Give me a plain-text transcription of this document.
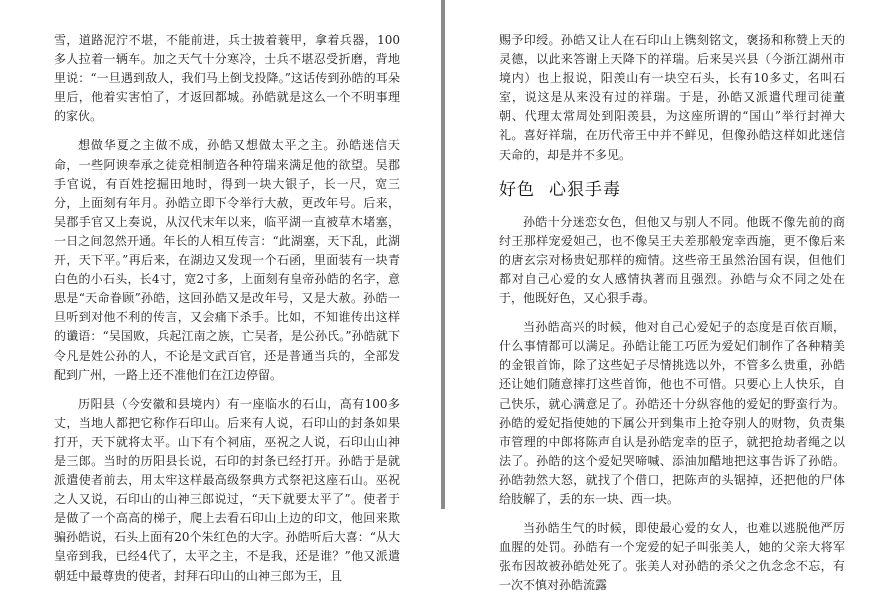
雪，道路泥泞不堪，不能前进，兵士披着蓑甲，拿着兵器，100多人拉着一辆车。加之天气十分寒冷，士兵不堪忍受折磨，背地里说：“一旦遇到敌人，我们马上倒戈投降。”这话传到孙皓的耳朵里后，他着实害怕了，才返回都城。孙皓就是这么一个不明事理的家伙。

想做华夏之主做不成，孙皓又想做太平之主。孙皓迷信天命，一些阿谀奉承之徒竞相制造各种符瑞来满足他的欲望。吴郡手官说，有百姓挖掘田地时，得到一块大银子，长一尺，宽三分，上面刻有年月。孙皓立即下令举行大赦，更改年号。后来，吴郡手官又上奏说，从汉代末年以来，临平湖一直被草木堵塞，一日之间忽然开通。年长的人相互传言：“此湖塞，天下乱，此湖开，天下平。”再后来，在湖边又发现一个石函，里面装有一块青白色的小石头，长4寸，宽2寸多，上面刻有皇帝孙皓的名字，意思是“天命眷顾”孙皓，这回孙皓又是改年号，又是大赦。孙皓一旦听到对他不利的传言，又会痛下杀手。比如，不知谁传出这样的谶语：“吴国败，兵起江南之族，亡吴者，是公孙氏。”孙皓就下令凡是姓公孙的人，不论是文武百官，还是普通当兵的，全部发配到广州，一路上还不准他们在江边停留。

历阳县（今安徽和县境内）有一座临水的石山，高有100多丈，当地人都把它称作石印山。后来有人说，石印山的封条如果打开，天下就将太平。山下有个祠庙，巫祝之人说，石印山山神是三郎。当时的历阳县长说，石印的封条已经打开。孙皓于是就派遣使者前去，用太牢这样最高级祭典方式祭祀这座石山。巫祝之人又说，石印山的山神三郎说过，“天下就要太平了”。使者于是做了一个高高的梯子，爬上去看石印山上边的印文，他回来欺骗孙皓说，石头上面有20个朱红色的大字。孙皓听后大喜：“从大皇帝到我，已经4代了，太平之主，不是我，还是谁？”他又派遣朝廷中最尊贵的使者，封拜石印山的山神三郎为王，且

赐予印绶。孙皓又让人在石印山上镌刻铭文，褒扬和称赞上天的灵德，以此来答谢上天降下的祥瑞。后来吴兴县（今浙江湖州市境内）也上报说，阳羡山有一块空石头，长有10多丈，名叫石室，说这是从来没有过的祥瑞。于是，孙皓又派遣代理司徒董朝、代理太常周处到阳羡县，为这座所谓的“国山”举行封禅大礼。喜好祥瑞，在历代帝王中并不鲜见，但像孙皓这样如此迷信天命的，却是并不多见。

好色 心狠手毒

孙皓十分迷恋女色，但他又与别人不同。他既不像先前的商纣王那样宠爱妲己，也不像吴王夫差那般宠幸西施，更不像后来的唐玄宗对杨贵妃那样的痴情。这些帝王虽然治国有误，但他们都对自己心爱的女人感情执著而且强烈。孙皓与众不同之处在于，他既好色，又心狠手毒。

当孙皓高兴的时候，他对自己心爱妃子的态度是百依百顺，什么事情都可以满足。孙皓让能工巧匠为爱妃们制作了各种精美的金银首饰，除了这些妃子尽情挑选以外，不管多么贵重，孙皓还让她们随意摔打这些首饰，他也不可惜。只要心上人快乐，自己快乐，就心满意足了。孙皓还十分纵容他的爱妃的野蛮行为。孙皓的爱妃指使她的下属公开到集市上抢夺别人的财物，负责集市管理的中郎将陈声自认是孙皓宠幸的臣子，就把抢劫者绳之以法了。孙皓的这个爱妃哭啼喊、添油加醋地把这事告诉了孙皓。孙皓勃然大怒，就找了个借口，把陈声的头锯掉，还把他的尸体给肢解了，丢的东一块、西一块。

当孙皓生气的时候，即使最心爱的女人，也难以逃脱他严厉血腥的处罚。孙皓有一个宠爱的妃子叫张美人，她的父亲大将军张布因故被孙皓处死了。张美人对孙皓的杀父之仇念念不忘，有一次不慎对孙皓流露
